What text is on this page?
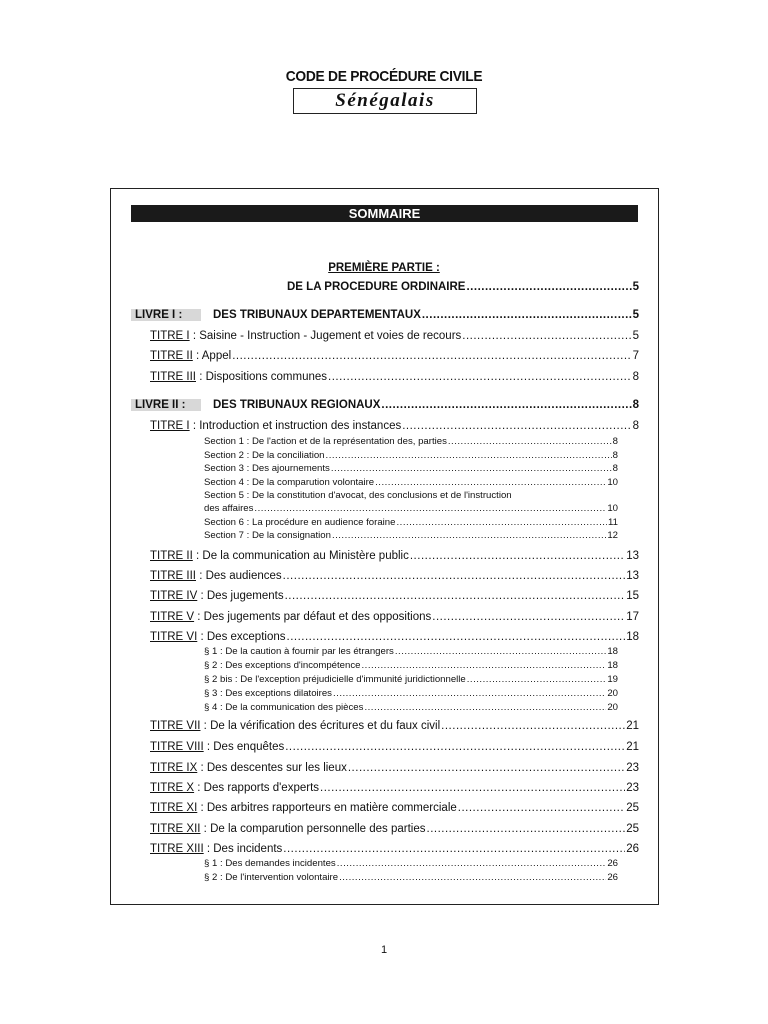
CODE DE PROCÉDURE CIVILE
Sénégalais
SOMMAIRE
PREMIÈRE PARTIE :
DE LA PROCÉDURE ORDINAIRE .....	5
LIVRE I :	DES TRIBUNAUX DEPARTEMENTAUX .....	5
TITRE I : Saisine - Instruction - Jugement et voies de recours .....	5
TITRE II : Appel .....	7
TITRE III : Dispositions communes .....	8
LIVRE II : DES TRIBUNAUX REGIONAUX .....	8
TITRE I : Introduction et instruction des instances .....	8
Section 1 : De l'action et de la représentation des, parties .....	8
Section 2 : De la conciliation .....	8
Section 3 : Des ajournements .....	8
Section 4 : De la comparution volontaire .....	10
Section 5 : De la constitution d'avocat, des conclusions et de l'instruction
des affaires .....	10
Section 6 : La procédure en audience foraine .....	11
Section 7 : De la consignation .....	12
TITRE II : De la communication au Ministère public .....	13
TITRE III : Des audiences .....	13
TITRE IV : Des jugements .....	15
TITRE V : Des jugements par défaut et des oppositions .....	17
TITRE VI : Des exceptions .....	18
§ 1 : De la caution à fournir par les étrangers .....	18
§ 2 : Des exceptions d'incompétence .....	18
§ 2 bis : De l'exception préjudicielle d'immunité juridictionnelle .....	19
§ 3 : Des exceptions dilatoires .....	20
§ 4 : De la communication des pièces .....	20
TITRE VII : De la vérification des écritures et du faux civil .....	21
TITRE VIII : Des enquêtes .....	21
TITRE IX : Des descentes sur les lieux .....	23
TITRE X : Des rapports d'experts .....	23
TITRE XI : Des arbitres rapporteurs en matière commerciale .....	25
TITRE XII : De la comparution personnelle des parties .....	25
TITRE XIII : Des incidents .....	26
§ 1 : Des demandes incidentes .....	26
§ 2 : De l'intervention volontaire .....	26
1
